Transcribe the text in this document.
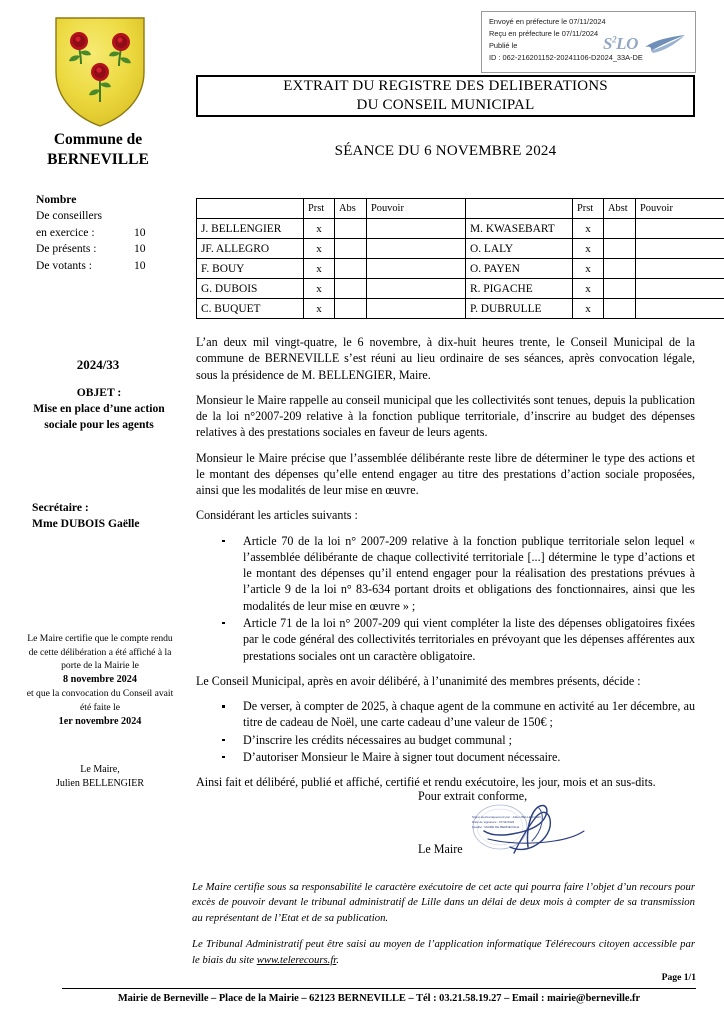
Envoyé en préfecture le 07/11/2024
Reçu en préfecture le 07/11/2024
Publié le
ID : 062-216201152-20241106-D2024_33A-DE
$S^2LO$
Commune de
BERNEVILLE
Nombre
De conseillers
en exercice :	10
De présents :	10
De votants :	10
2024/33
OBJET :
Mise en place d’une action sociale pour les agents
Secrétaire :
Mme DUBOIS Gaëlle
Le Maire certifie que le compte rendu de cette délibération a été affiché à la porte de la Mairie le
8 novembre 2024
et que la convocation du Conseil avait été faite le
1er novembre 2024
Le Maire,
Julien BELLENGIER
EXTRAIT DU REGISTRE DES DELIBERATIONS
DU CONSEIL MUNICIPAL
SÉANCE DU 6 NOVEMBRE 2024
	Prst	Abs	Pouvoir		Prst	Abst	Pouvoir
J. BELLENGIER	x			M. KWASEBART	x		
JF. ALLEGRO	x			O. LALY	x		
F. BOUY	x			O. PAYEN	x		
G. DUBOIS	x			R. PIGACHE	x		
C. BUQUET	x			P. DUBRULLE	x		

L’an deux mil vingt-quatre, le 6 novembre, à dix-huit heures trente, le Conseil Municipal de la commune de BERNEVILLE s’est réuni au lieu ordinaire de ses séances, après convocation légale, sous la présidence de M. BELLENGIER, Maire.

Monsieur le Maire rappelle au conseil municipal que les collectivités sont tenues, depuis la publication de la loi n°2007-209 relative à la fonction publique territoriale, d’inscrire au budget des dépenses relatives à des prestations sociales en faveur de leurs agents.

Monsieur le Maire précise que l’assemblée délibérante reste libre de déterminer le type des actions et le montant des dépenses qu’elle entend engager au titre des prestations d’action sociale proposées, ainsi que les modalités de leur mise en œuvre.

Considérant les articles suivants :

Article 70 de la loi n° 2007-209 relative à la fonction publique territoriale selon lequel « l’assemblée délibérante de chaque collectivité territoriale [...] détermine le type d’actions et le montant des dépenses qu’il entend engager pour la réalisation des prestations prévues à l’article 9 de la loi n° 83-634 portant droits et obligations des fonctionnaires, ainsi que les modalités de leur mise en œuvre » ;
Article 71 de la loi n° 2007-209 qui vient compléter la liste des dépenses obligatoires fixées par le code général des collectivités territoriales en prévoyant que les dépenses afférentes aux prestations sociales ont un caractère obligatoire.

Le Conseil Municipal, après en avoir délibéré, à l’unanimité des membres présents, décide :

De verser, à compter de 2025, à chaque agent de la commune en activité au 1er décembre, au titre de cadeau de Noël, une carte cadeau d’une valeur de 150€ ;
D’inscrire les crédits nécessaires au budget communal ;
D’autoriser Monsieur le Maire à signer tout document nécessaire.

Ainsi fait et délibéré, publié et affiché, certifié et rendu exécutoire, les jour, mois et an sus-dits.

Pour extrait conforme,
Le Maire
Signé électroniquement par : Julien BELLENGIER
Date de signature : 07/11/2024
Qualité : MAIRE DE BERNEVILLE

Le Maire certifie sous sa responsabilité le caractère exécutoire de cet acte qui pourra faire l’objet d’un recours pour excès de pouvoir devant le tribunal administratif de Lille dans un délai de deux mois à compter de sa transmission au représentant de l’Etat et de sa publication.

Le Tribunal Administratif peut être saisi au moyen de l’application informatique Télérecours citoyen accessible par le biais du site www.telerecours.fr.

Page 1/1
Mairie de Berneville – Place de la Mairie – 62123 BERNEVILLE – Tél : 03.21.58.19.27 – Email : mairie@berneville.fr
